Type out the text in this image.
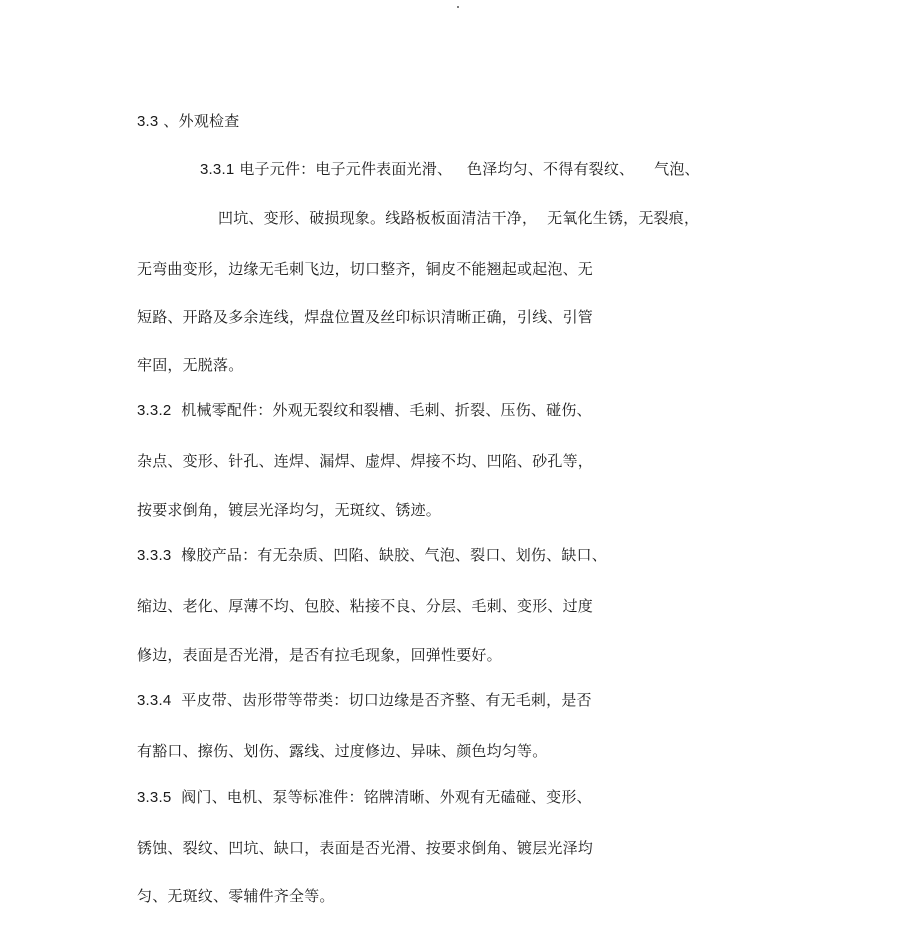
3.3 、外观检查
3.3.1 电子元件：电子元件表面光滑、   色泽均匀、不得有裂纹、    气泡、
凹坑、变形、破损现象。线路板板面清洁干净，  无氧化生锈，无裂痕，
无弯曲变形，边缘无毛刺飞边，切口整齐，铜皮不能翘起或起泡、无
短路、开路及多余连线，焊盘位置及丝印标识清晰正确，引线、引管
牢固，无脱落。
3.3.2  机械零配件：外观无裂纹和裂槽、毛刺、折裂、压伤、碰伤、
杂点、变形、针孔、连焊、漏焊、虚焊、焊接不均、凹陷、砂孔等，
按要求倒角，镀层光泽均匀，无斑纹、锈迹。
3.3.3  橡胶产品：有无杂质、凹陷、缺胶、气泡、裂口、划伤、缺口、
缩边、老化、厚薄不均、包胶、粘接不良、分层、毛刺、变形、过度
修边，表面是否光滑，是否有拉毛现象，回弹性要好。
3.3.4  平皮带、齿形带等带类：切口边缘是否齐整、有无毛刺，是否
有豁口、擦伤、划伤、露线、过度修边、异味、颜色均匀等。
3.3.5  阀门、电机、泵等标准件：铭牌清晰、外观有无磕碰、变形、
锈蚀、裂纹、凹坑、缺口，表面是否光滑、按要求倒角、镀层光泽均
匀、无斑纹、零辅件齐全等。
